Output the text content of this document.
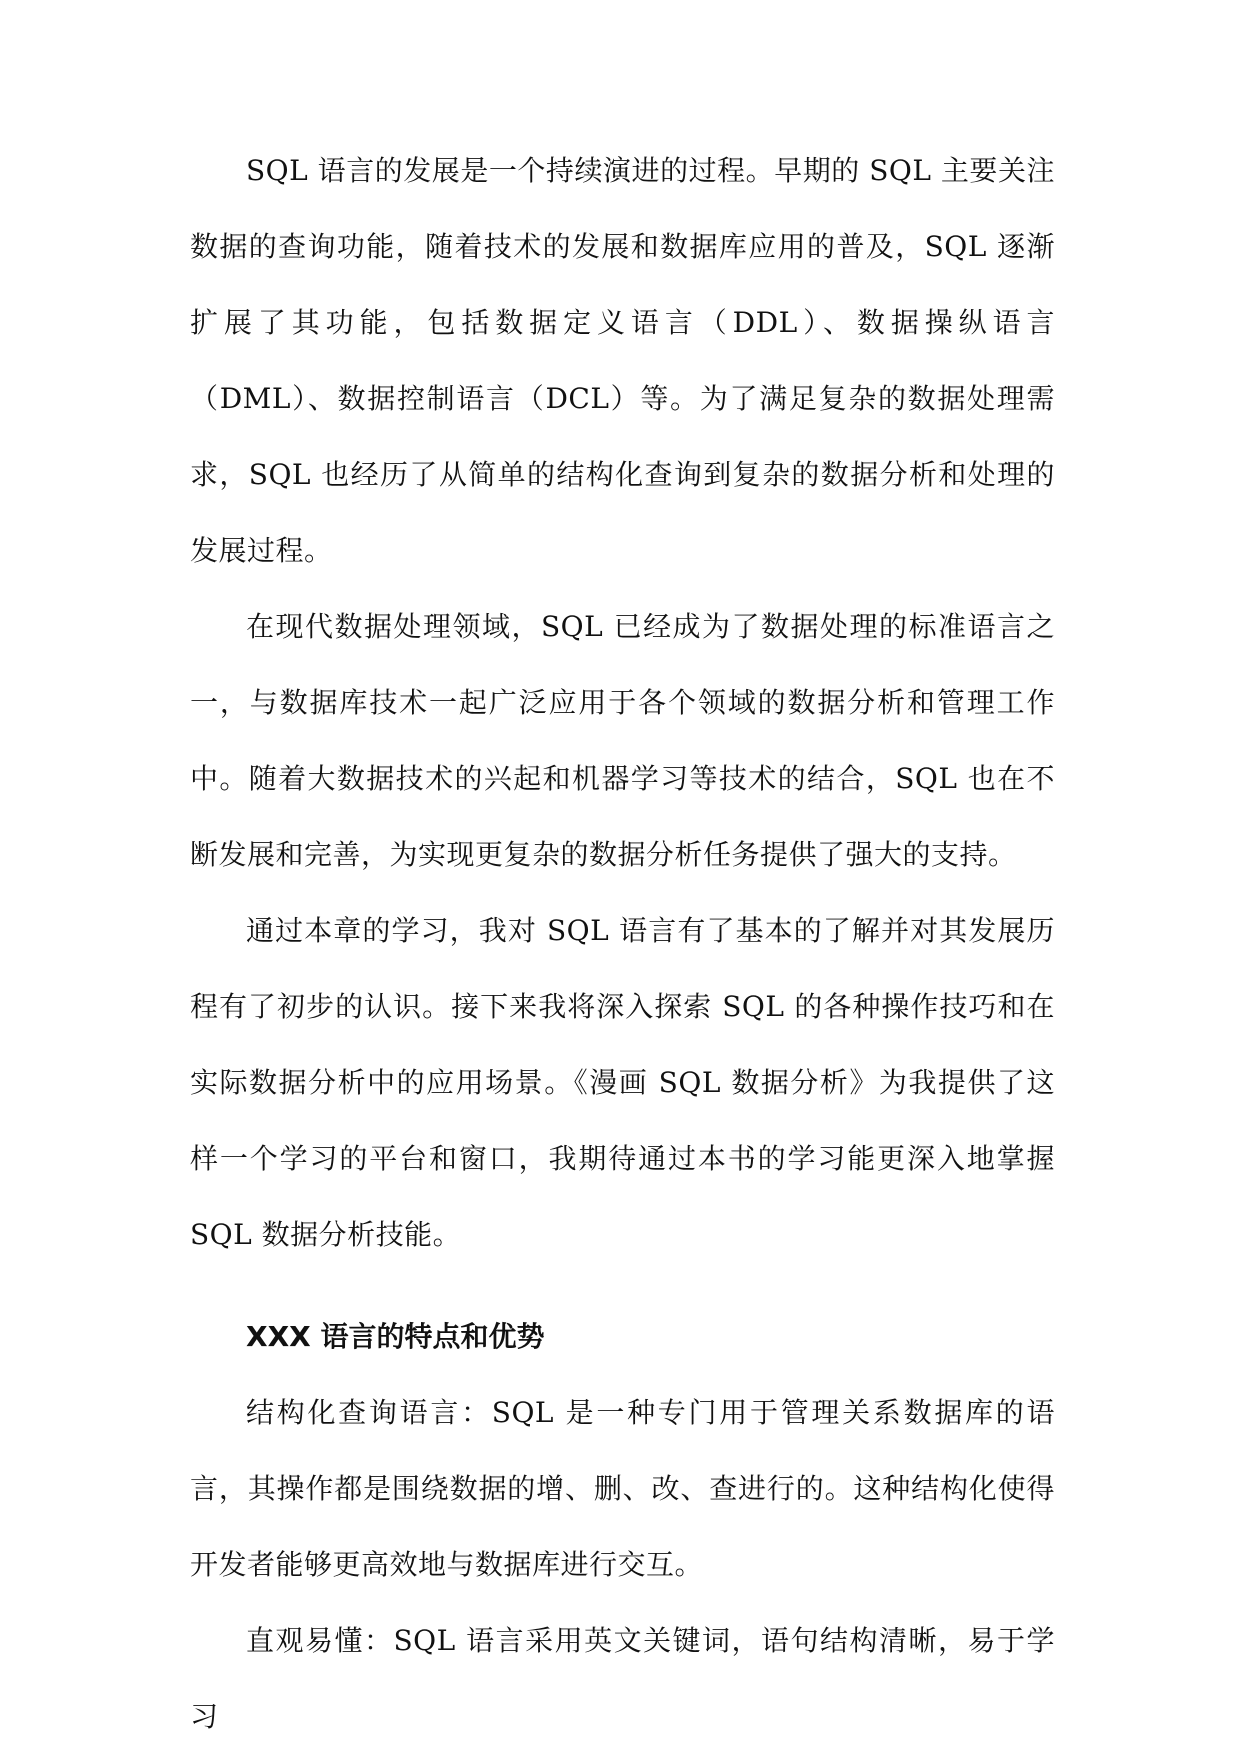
SQL 语言的发展是一个持续演进的过程。早期的 SQL 主要关注数据的查询功能，随着技术的发展和数据库应用的普及，SQL 逐渐扩展了其功能，包括数据定义语言（DDL）、数据操纵语言（DML）、数据控制语言（DCL）等。为了满足复杂的数据处理需求，SQL 也经历了从简单的结构化查询到复杂的数据分析和处理的发展过程。

在现代数据处理领域，SQL 已经成为了数据处理的标准语言之一，与数据库技术一起广泛应用于各个领域的数据分析和管理工作中。随着大数据技术的兴起和机器学习等技术的结合，SQL 也在不断发展和完善，为实现更复杂的数据分析任务提供了强大的支持。

通过本章的学习，我对 SQL 语言有了基本的了解并对其发展历程有了初步的认识。接下来我将深入探索 SQL 的各种操作技巧和在实际数据分析中的应用场景。《漫画 SQL 数据分析》为我提供了这样一个学习的平台和窗口，我期待通过本书的学习能更深入地掌握 SQL 数据分析技能。

XXX 语言的特点和优势

结构化查询语言：SQL 是一种专门用于管理关系数据库的语言，其操作都是围绕数据的增、删、改、查进行的。这种结构化使得开发者能够更高效地与数据库进行交互。

直观易懂：SQL 语言采用英文关键词，语句结构清晰，易于学习
